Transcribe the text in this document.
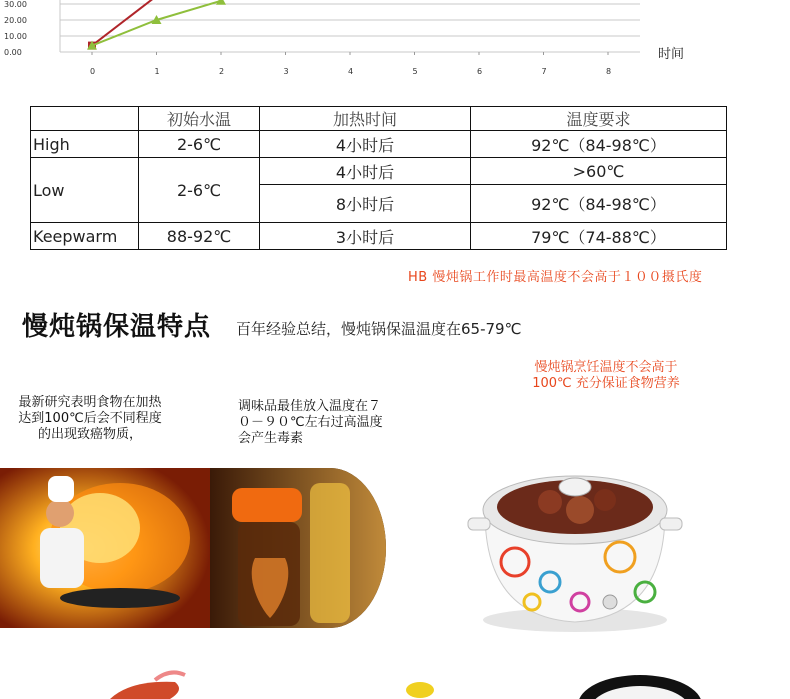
0.00
10.00
20.00
30.00
0	1	2	3	4	5	6	7	8
时间
	初始水温	加热时间	温度要求
High	2-6℃	4小时后	92℃（84-98℃）
Low	2-6℃	4小时后	>60℃
		8小时后	92℃（84-98℃）
Keepwarm	88-92℃	3小时后	79℃（74-88℃）
HB 慢炖锅工作时最高温度不会高于１００摄氏度
慢炖锅保温特点 百年经验总结，慢炖锅保温温度在65-79℃
最新研究表明食物在加热达到100℃后会不同程度的出现致癌物质，
调味品最佳放入温度在７０－９０℃左右过高温度会产生毒素
慢炖锅烹饪温度不会高于
100℃ 充分保证食物营养
